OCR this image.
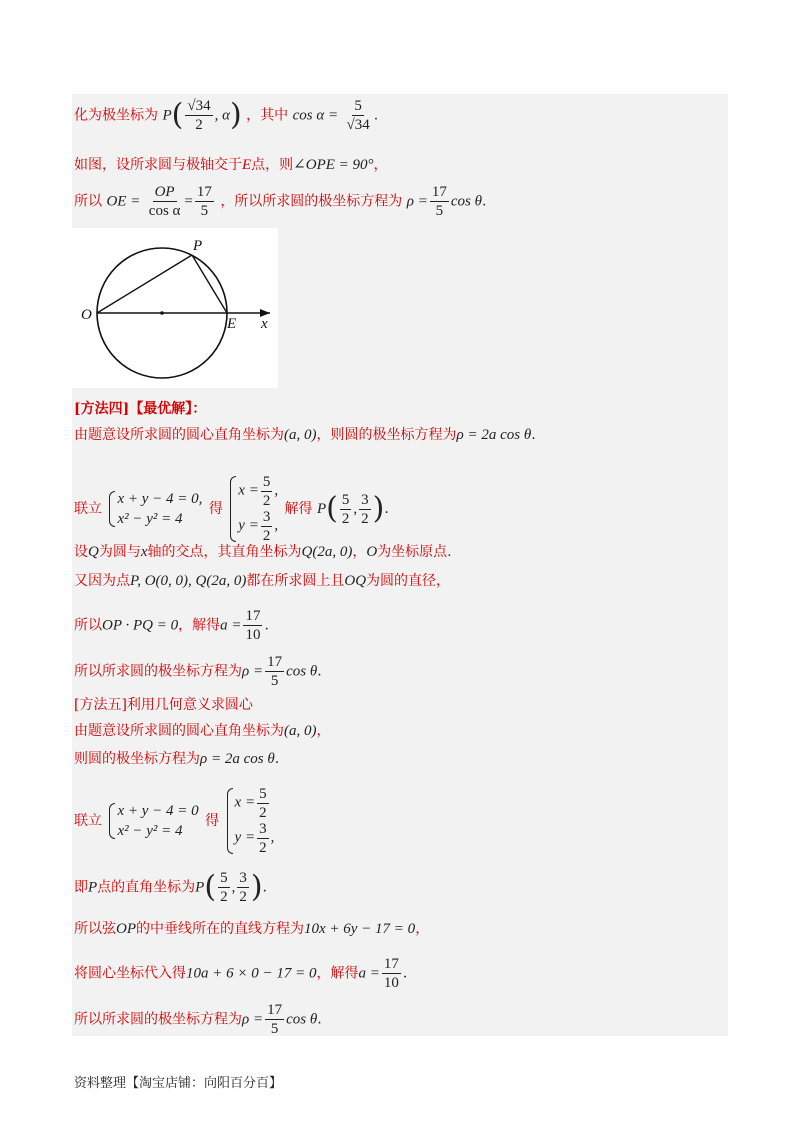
化为极坐标为 $P( \frac{√34}{2}$ , α) ，其中 $\cos \alpha = \frac{5}{√34}$ .
如图，设所求圆与极轴交于E点，则∠OPE = 90°，
所以 OE = $\frac{OP}{\text{cos α}} = \frac{17}{5}$ ，所以所求圆的极坐标方程为 $\rho = \frac{17}{5}$ cos θ.
P
O
E x
[方法四]【最优解】：
由题意设所求圆的圆心直角坐标为(a, 0)，则圆的极坐标方程为ρ = 2a cos θ.
联立
x + y − 4 = 0,
x² − y² = 4
得
$x = \frac{5}{2}$ ,
$y = \frac{3}{2}$ ,
解得 $P( \frac{5}{2}$ , $\frac{3}{2}$ ).
设Q为圆与x轴的交点，其直角坐标为Q(2a, 0)，O为坐标原点.
又因为点P, O(0, 0), Q(2a, 0)都在所求圆上且OQ为圆的直径，
所以OP · PQ = 0，解得$a = \frac{17}{10}$ .
所以所求圆的极坐标方程为$\rho = \frac{17}{5}$ cos θ.
[方法五]利用几何意义求圆心
由题意设所求圆的圆心直角坐标为(a, 0)，
则圆的极坐标方程为ρ = 2a cos θ.
联立
x + y − 4 = 0
x² − y² = 4
得
$x = \frac{5}{2}$
$y = \frac{3}{2}$ ,
即P点的直角坐标为$P( \frac{5}{2}$ , $\frac{3}{2}$ ).
所以弦OP的中垂线所在的直线方程为10x + 6y − 17 = 0，
将圆心坐标代入得10a + 6 × 0 − 17 = 0，解得$a = \frac{17}{10}$ .
所以所求圆的极坐标方程为$\rho = \frac{17}{5}$ cos θ.
资料整理【淘宝店铺：向阳百分百】
